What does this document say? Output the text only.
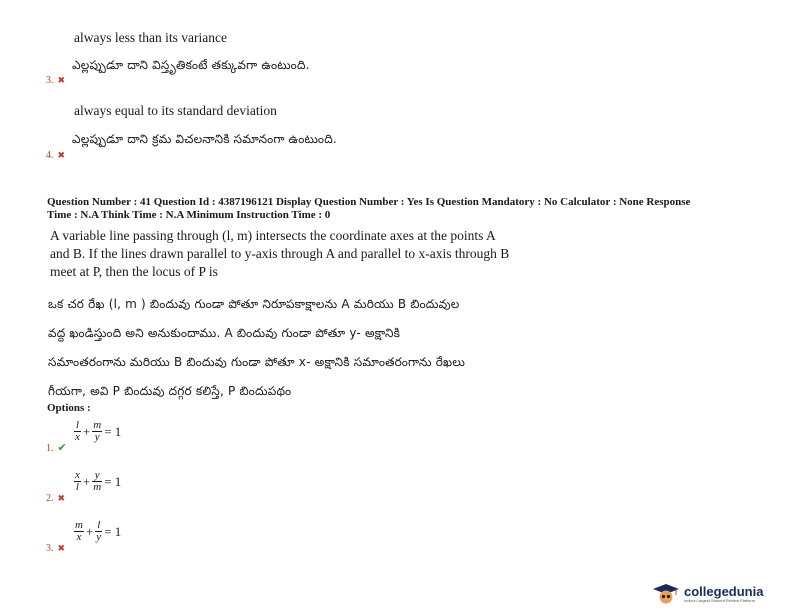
always less than its variance
3. ✖
ఎల్లప్పుడూ దాని విస్తృతికంటే తక్కువగా ఉంటుంది.
always equal to its standard deviation
4. ✖
ఎల్లప్పుడూ దాని క్రమ విచలనానికి సమానంగా ఉంటుంది.
Question Number : 41 Question Id : 4387196121 Display Question Number : Yes Is Question Mandatory : No Calculator : None Response
Time : N.A Think Time : N.A Minimum Instruction Time : 0
A variable line passing through (l, m) intersects the coordinate axes at the points A
and B. If the lines drawn parallel to y-axis through A and parallel to x-axis through B
meet at P, then the locus of P is
ఒక చర రేఖ (l, m ) బిందువు గుండా పోతూ నిరూపకాక్షాలను A మరియు B బిందువుల
వద్ద ఖండిస్తుంది అని అనుకుందాము. A బిందువు గుండా పోతూ y- అక్షానికి
సమాంతరంగాను మరియు B బిందువు గుండా పోతూ x- అక్షానికి సమాంతరంగాను రేఖలు
గీయగా, అవి P బిందువు దగ్గర కలిస్తే, P బిందుపథం
Options :
$\frac{l}{x} + \frac{m}{y} = 1$
1. ✔
$\frac{x}{l} + \frac{y}{m} = 1$
2. ✖
$\frac{m}{x} + \frac{l}{y} = 1$
3. ✖
collegedunia
India's Largest Student Review Platform
